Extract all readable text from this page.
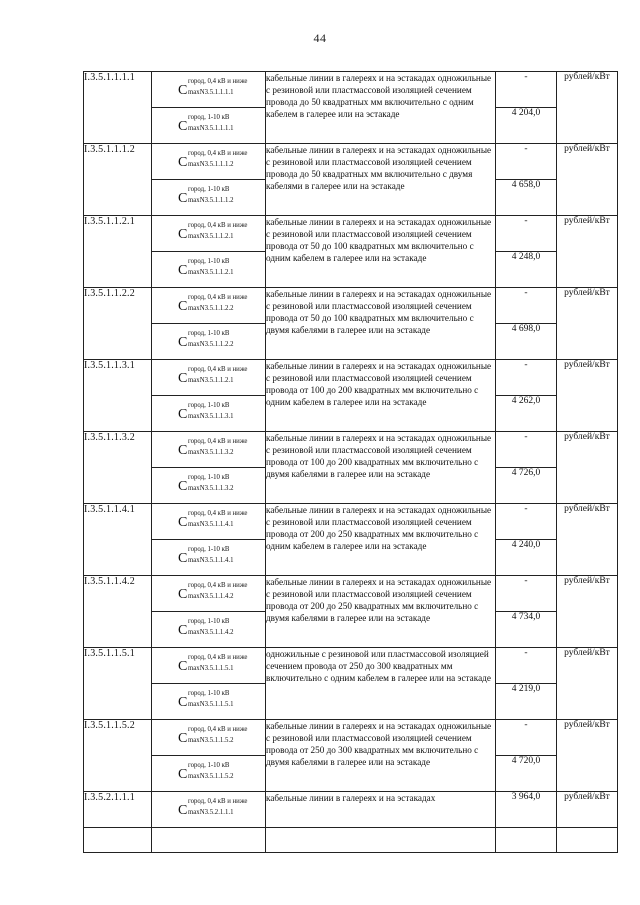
44
I.3.5.1.1.1.1	C
город, 0,4 кВ и ниже
maxN3.5.1.1.1.1	кабельные линии в галереях и на эстакадах одножильные с резиновой или пластмассовой изоляцией сечением провода до 50 квадратных мм включительно с одним кабелем в галерее или на эстакаде	-	рублей/кВт

	C
город, 1-10 кВ
maxN3.5.1.1.1.1		4 204,0	
I.3.5.1.1.1.2	C
город, 0,4 кВ и ниже
maxN3.5.1.1.1.2	кабельные линии в галереях и на эстакадах одножильные с резиновой или пластмассовой изоляцией сечением провода до 50 квадратных мм включительно с двумя кабелями в галерее или на эстакаде	-	рублей/кВт

	C
город, 1-10 кВ
maxN3.5.1.1.1.2		4 658,0	
I.3.5.1.1.2.1	C
город, 0,4 кВ и ниже
maxN3.5.1.1.2.1	кабельные линии в галереях и на эстакадах одножильные с резиновой или пластмассовой изоляцией сечением провода от 50 до 100 квадратных мм включительно с одним кабелем в галерее или на эстакаде	-	рублей/кВт

	C
город, 1-10 кВ
maxN3.5.1.1.2.1		4 248,0	
I.3.5.1.1.2.2	C
город, 0,4 кВ и ниже
maxN3.5.1.1.2.2	кабельные линии в галереях и на эстакадах одножильные с резиновой или пластмассовой изоляцией сечением провода от 50 до 100 квадратных мм включительно с двумя кабелями в галерее или на эстакаде	-	рублей/кВт

	C
город, 1-10 кВ
maxN3.5.1.1.2.2		4 698,0	
I.3.5.1.1.3.1	C
город, 0,4 кВ и ниже
maxN3.5.1.1.2.1	кабельные линии в галереях и на эстакадах одножильные с резиновой или пластмассовой изоляцией сечением провода от 100 до 200 квадратных мм включительно с одним кабелем в галерее или на эстакаде	-	рублей/кВт

	C
город, 1-10 кВ
maxN3.5.1.1.3.1		4 262,0	
I.3.5.1.1.3.2	C
город, 0,4 кВ и ниже
maxN3.5.1.1.3.2	кабельные линии в галереях и на эстакадах одножильные с резиновой или пластмассовой изоляцией сечением провода от 100 до 200 квадратных мм включительно с двумя кабелями в галерее или на эстакаде	-	рублей/кВт

	C
город, 1-10 кВ
maxN3.5.1.1.3.2		4 726,0	
I.3.5.1.1.4.1	C
город, 0,4 кВ и ниже
maxN3.5.1.1.4.1	кабельные линии в галереях и на эстакадах одножильные с резиновой или пластмассовой изоляцией сечением провода от 200 до 250 квадратных мм включительно с одним кабелем в галерее или на эстакаде	-	рублей/кВт

	C
город, 1-10 кВ
maxN3.5.1.1.4.1		4 240,0	
I.3.5.1.1.4.2	C
город, 0,4 кВ и ниже
maxN3.5.1.1.4.2	кабельные линии в галереях и на эстакадах одножильные с резиновой или пластмассовой изоляцией сечением провода от 200 до 250 квадратных мм включительно с двумя кабелями в галерее или на эстакаде	-	рублей/кВт

	C
город, 1-10 кВ
maxN3.5.1.1.4.2		4 734,0	
I.3.5.1.1.5.1	C
город, 0,4 кВ и ниже
maxN3.5.1.1.5.1	одножильные с резиновой или пластмассовой изоляцией сечением провода от 250 до 300 квадратных мм включительно с одним кабелем в галерее или на эстакаде	-	рублей/кВт

	C
город, 1-10 кВ
maxN3.5.1.1.5.1		4 219,0	
I.3.5.1.1.5.2	C
город, 0,4 кВ и ниже
maxN3.5.1.1.5.2	кабельные линии в галереях и на эстакадах одножильные с резиновой или пластмассовой изоляцией сечением провода от 250 до 300 квадратных мм включительно с двумя кабелями в галерее или на эстакаде	-	рублей/кВт

	C
город, 1-10 кВ
maxN3.5.1.1.5.2		4 720,0	
I.3.5.2.1.1.1	C
город, 0,4 кВ и ниже
maxN3.5.2.1.1.1	кабельные линии в галереях и на эстакадах	3 964,0	рублей/кВт
